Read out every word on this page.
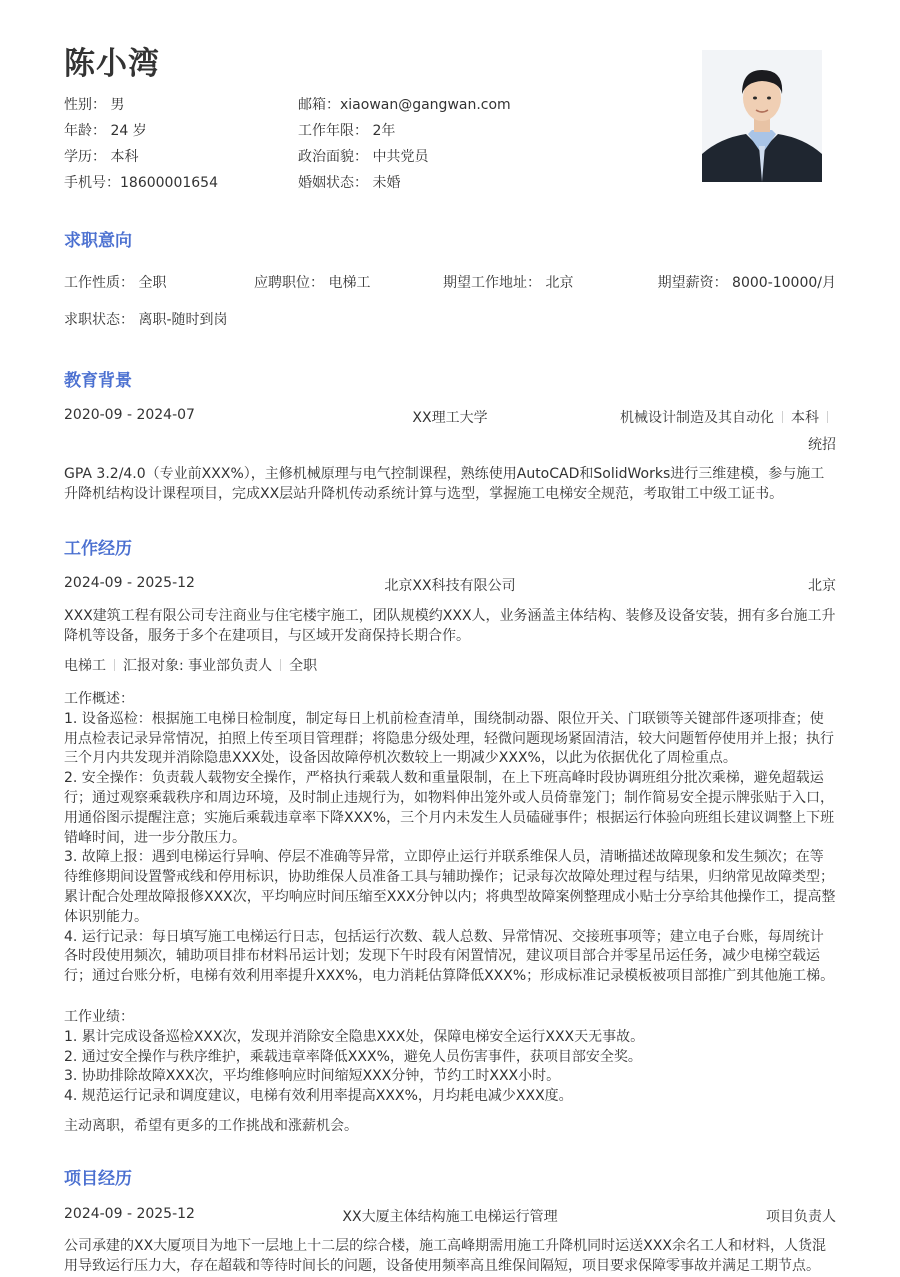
陈小湾
性别： 男	邮箱：xiaowan@gangwan.com
年龄： 24 岁	工作年限： 2年
学历： 本科	政治面貌： 中共党员
手机号：18600001654	婚姻状态： 未婚
求职意向
工作性质： 全职	应聘职位： 电梯工	期望工作地址： 北京	期望薪资： 8000-10000/月
求职状态： 离职-随时到岗
教育背景
2020-09 - 2024-07	XX理工大学	机械设计制造及其自动化 本科
统招
GPA 3.2/4.0（专业前XXX%），主修机械原理与电气控制课程，熟练使用AutoCAD和SolidWorks进行三维建模，参与施工升降机结构设计课程项目，完成XX层站升降机传动系统计算与选型，掌握施工电梯安全规范，考取钳工中级工证书。
工作经历
2024-09 - 2025-12	北京XX科技有限公司	北京
XXX建筑工程有限公司专注商业与住宅楼宇施工，团队规模约XXX人，业务涵盖主体结构、装修及设备安装，拥有多台施工升降机等设备，服务于多个在建项目，与区域开发商保持长期合作。
电梯工 汇报对象: 事业部负责人 全职
工作概述：
1. 设备巡检：根据施工电梯日检制度，制定每日上机前检查清单，围绕制动器、限位开关、门联锁等关键部件逐项排查；使用点检表记录异常情况，拍照上传至项目管理群；将隐患分级处理，轻微问题现场紧固清洁，较大问题暂停使用并上报；执行三个月内共发现并消除隐患XXX处，设备因故障停机次数较上一期减少XXX%，以此为依据优化了周检重点。
2. 安全操作：负责载人载物安全操作，严格执行乘载人数和重量限制，在上下班高峰时段协调班组分批次乘梯，避免超载运行；通过观察乘载秩序和周边环境，及时制止违规行为，如物料伸出笼外或人员倚靠笼门；制作简易安全提示牌张贴于入口，用通俗图示提醒注意；实施后乘载违章率下降XXX%，三个月内未发生人员磕碰事件；根据运行体验向班组长建议调整上下班错峰时间，进一步分散压力。
3. 故障上报：遇到电梯运行异响、停层不准确等异常，立即停止运行并联系维保人员，清晰描述故障现象和发生频次；在等待维修期间设置警戒线和停用标识，协助维保人员准备工具与辅助操作；记录每次故障处理过程与结果，归纳常见故障类型；累计配合处理故障报修XXX次，平均响应时间压缩至XXX分钟以内；将典型故障案例整理成小贴士分享给其他操作工，提高整体识别能力。
4. 运行记录：每日填写施工电梯运行日志，包括运行次数、载人总数、异常情况、交接班事项等；建立电子台账，每周统计各时段使用频次，辅助项目排布材料吊运计划；发现下午时段有闲置情况，建议项目部合并零星吊运任务，减少电梯空载运行；通过台账分析，电梯有效利用率提升XXX%，电力消耗估算降低XXX%；形成标准记录模板被项目部推广到其他施工梯。
工作业绩：
1. 累计完成设备巡检XXX次，发现并消除安全隐患XXX处，保障电梯安全运行XXX天无事故。
2. 通过安全操作与秩序维护，乘载违章率降低XXX%，避免人员伤害事件，获项目部安全奖。
3. 协助排除故障XXX次，平均维修响应时间缩短XXX分钟，节约工时XXX小时。
4. 规范运行记录和调度建议，电梯有效利用率提高XXX%，月均耗电减少XXX度。
主动离职，希望有更多的工作挑战和涨薪机会。
项目经历
2024-09 - 2025-12	XX大厦主体结构施工电梯运行管理	项目负责人
公司承建的XX大厦项目为地下一层地上十二层的综合楼，施工高峰期需用施工升降机同时运送XXX余名工人和材料，人货混用导致运行压力大，存在超载和等待时间长的问题，设备使用频率高且维保间隔短，项目要求保障零事故并满足工期节点。
